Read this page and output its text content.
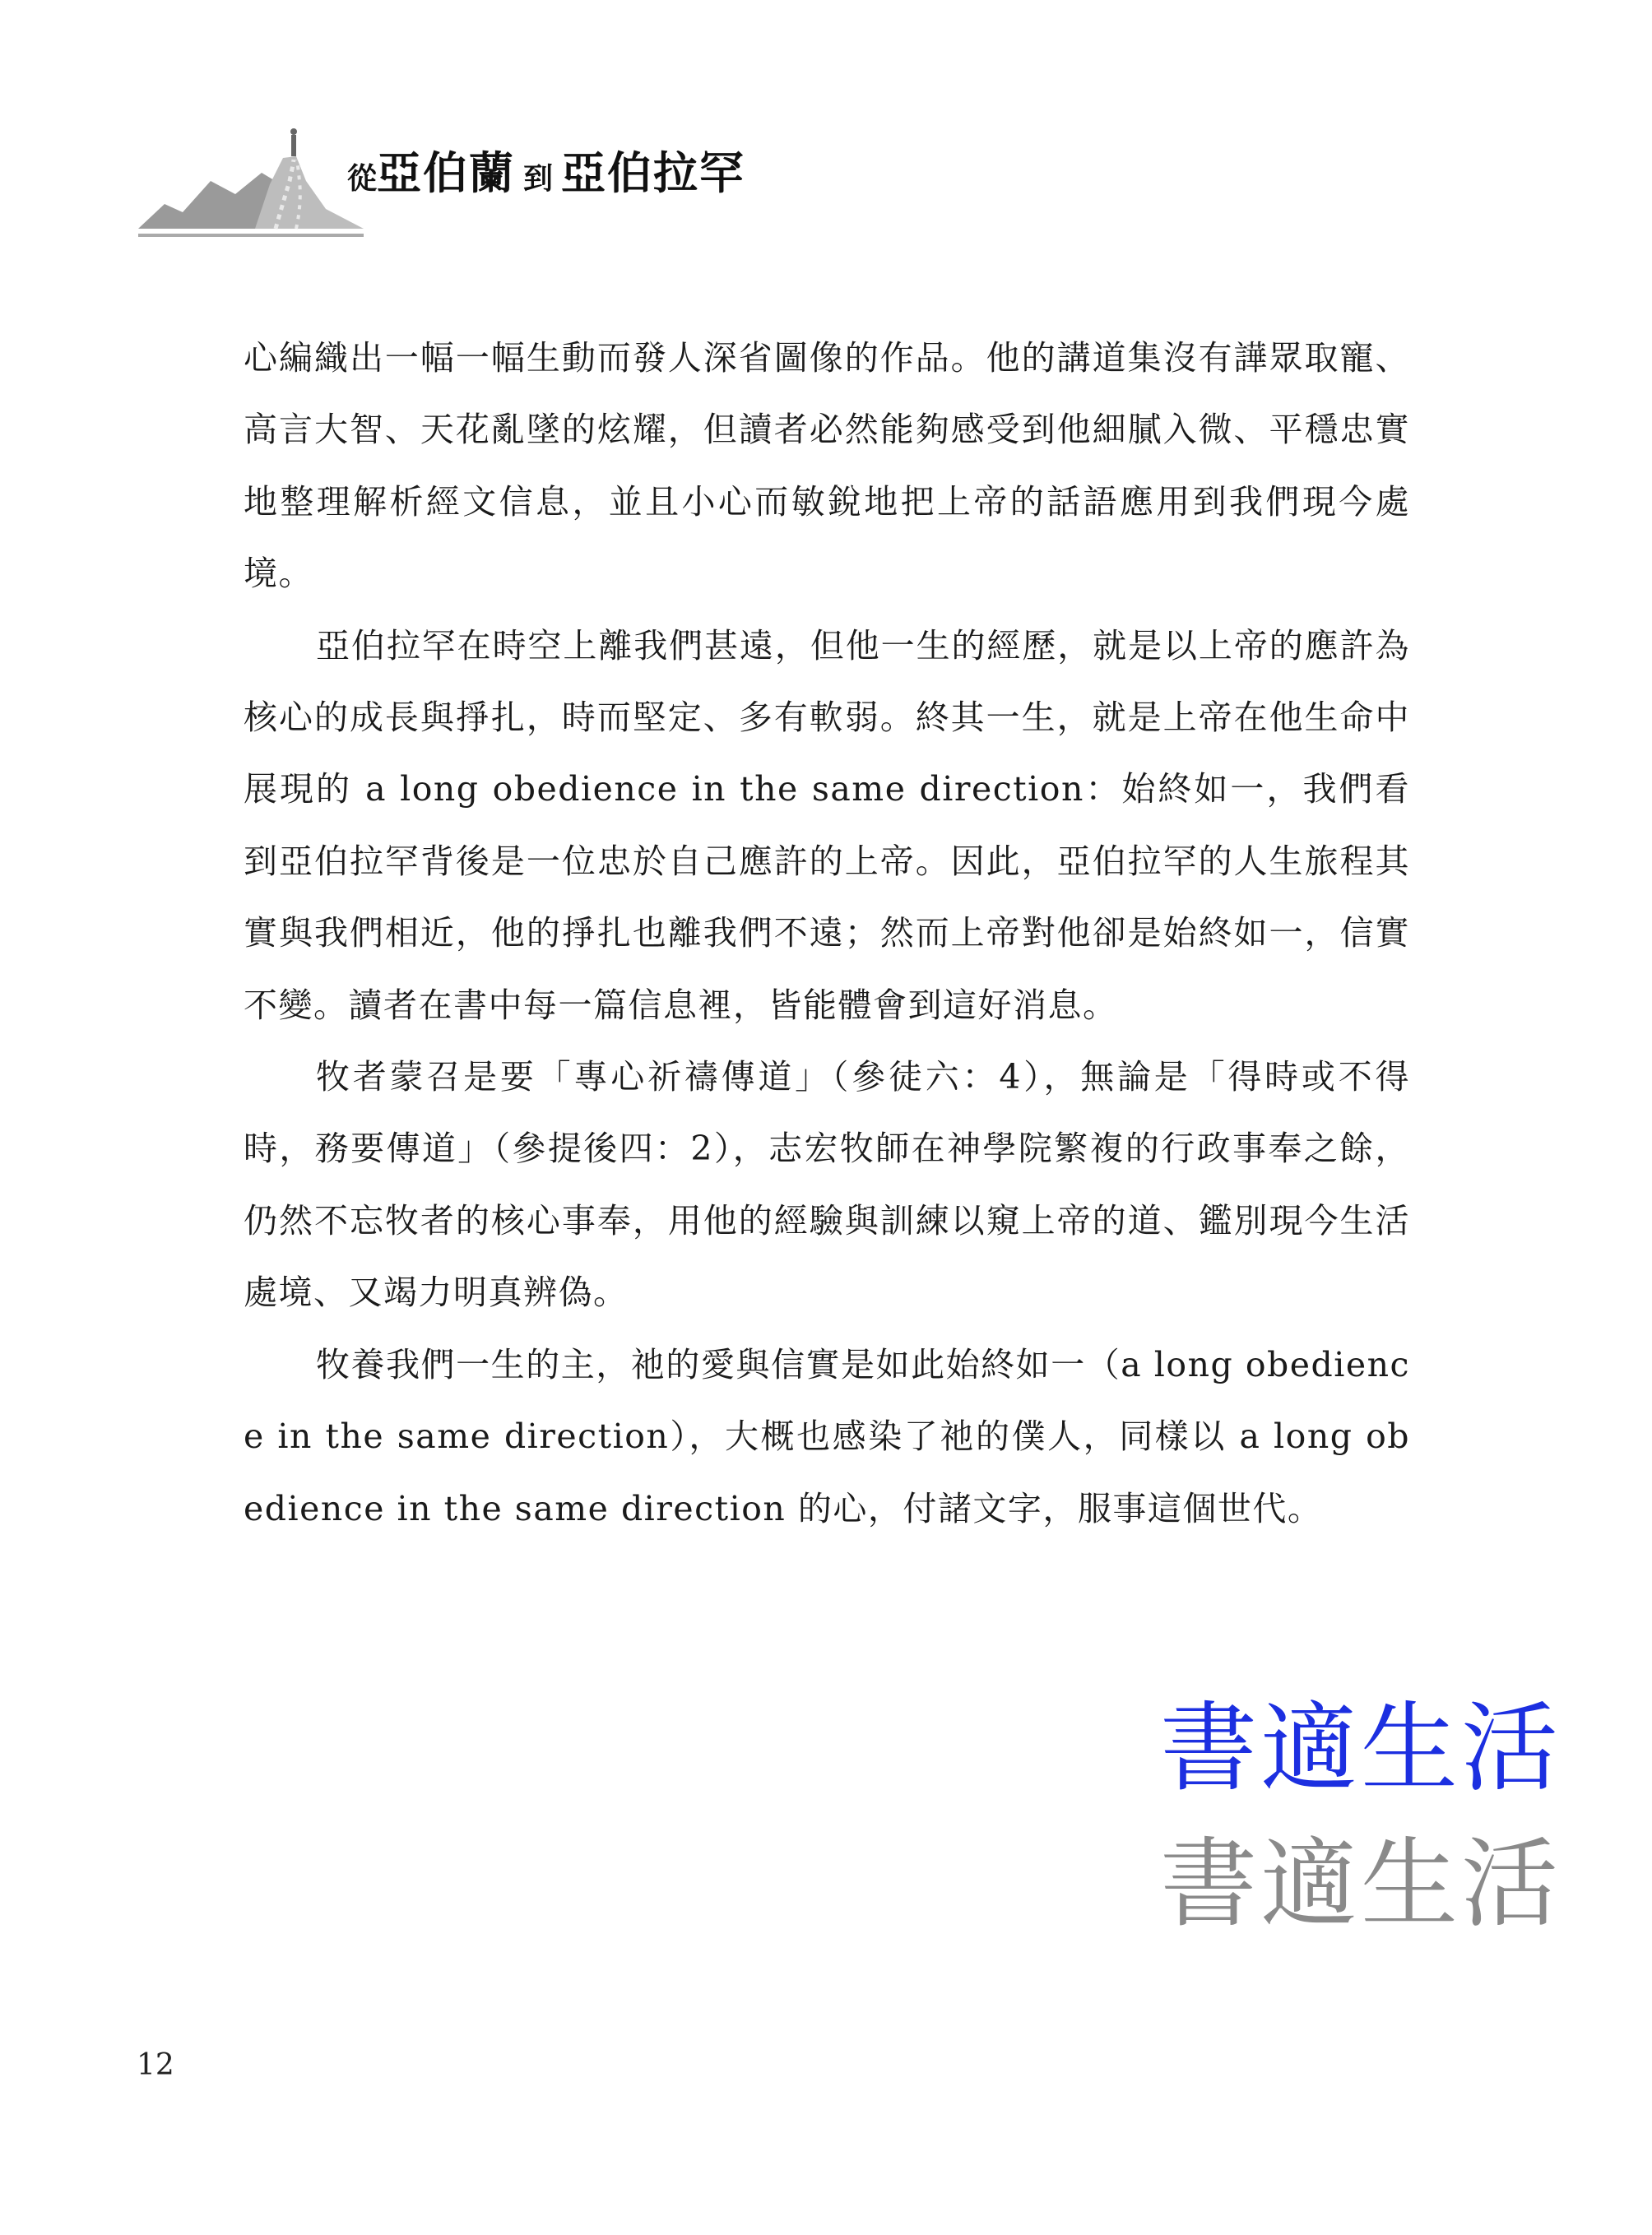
從亞伯蘭 到 亞伯拉罕

心編織出一幅一幅生動而發人深省圖像的作品。他的講道集沒有譁眾取寵、高言大智、天花亂墜的炫耀，但讀者必然能夠感受到他細膩入微、平穩忠實地整理解析經文信息，並且小心而敏銳地把上帝的話語應用到我們現今處境。

亞伯拉罕在時空上離我們甚遠，但他一生的經歷，就是以上帝的應許為核心的成長與掙扎，時而堅定、多有軟弱。終其一生，就是上帝在他生命中展現的 a long obedience in the same direction：始終如一，我們看到亞伯拉罕背後是一位忠於自己應許的上帝。因此，亞伯拉罕的人生旅程其實與我們相近，他的掙扎也離我們不遠；然而上帝對他卻是始終如一，信實不變。讀者在書中每一篇信息裡，皆能體會到這好消息。

牧者蒙召是要「專心祈禱傳道」（參徒六：4），無論是「得時或不得時，務要傳道」（參提後四：2），志宏牧師在神學院繁複的行政事奉之餘，仍然不忘牧者的核心事奉，用他的經驗與訓練以窺上帝的道、鑑別現今生活處境、又竭力明真辨偽。

牧養我們一生的主，祂的愛與信實是如此始終如一（a long obedience in the same direction），大概也感染了祂的僕人，同樣以 a long obedience in the same direction 的心，付諸文字，服事這個世代。

書適生活
書適生活
12
